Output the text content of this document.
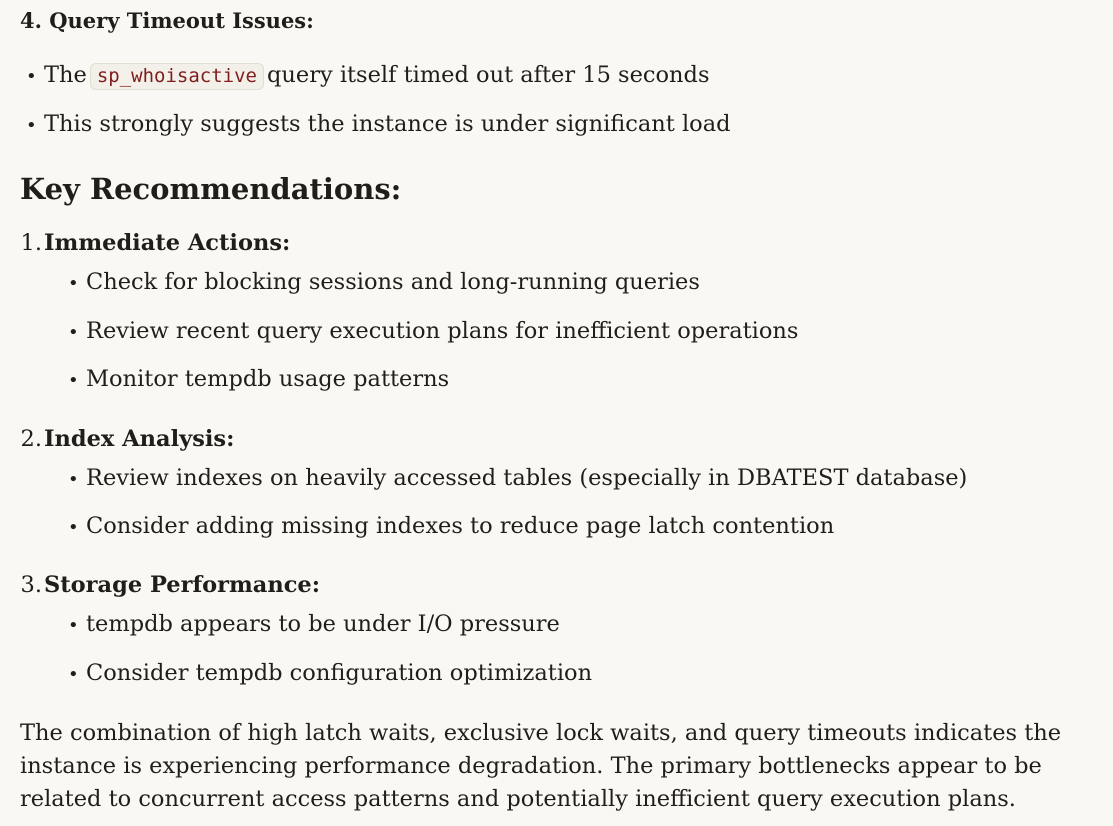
4. Query Timeout Issues:
• The sp_whoisactive query itself timed out after 15 seconds
• This strongly suggests the instance is under significant load
Key Recommendations:
1.Immediate Actions:
• Check for blocking sessions and long-running queries
• Review recent query execution plans for inefficient operations
• Monitor tempdb usage patterns
2.Index Analysis:
• Review indexes on heavily accessed tables (especially in DBATEST database)
• Consider adding missing indexes to reduce page latch contention
3.Storage Performance:
• tempdb appears to be under I/O pressure
• Consider tempdb configuration optimization
The combination of high latch waits, exclusive lock waits, and query timeouts indicates the
instance is experiencing performance degradation. The primary bottlenecks appear to be
related to concurrent access patterns and potentially inefficient query execution plans.
